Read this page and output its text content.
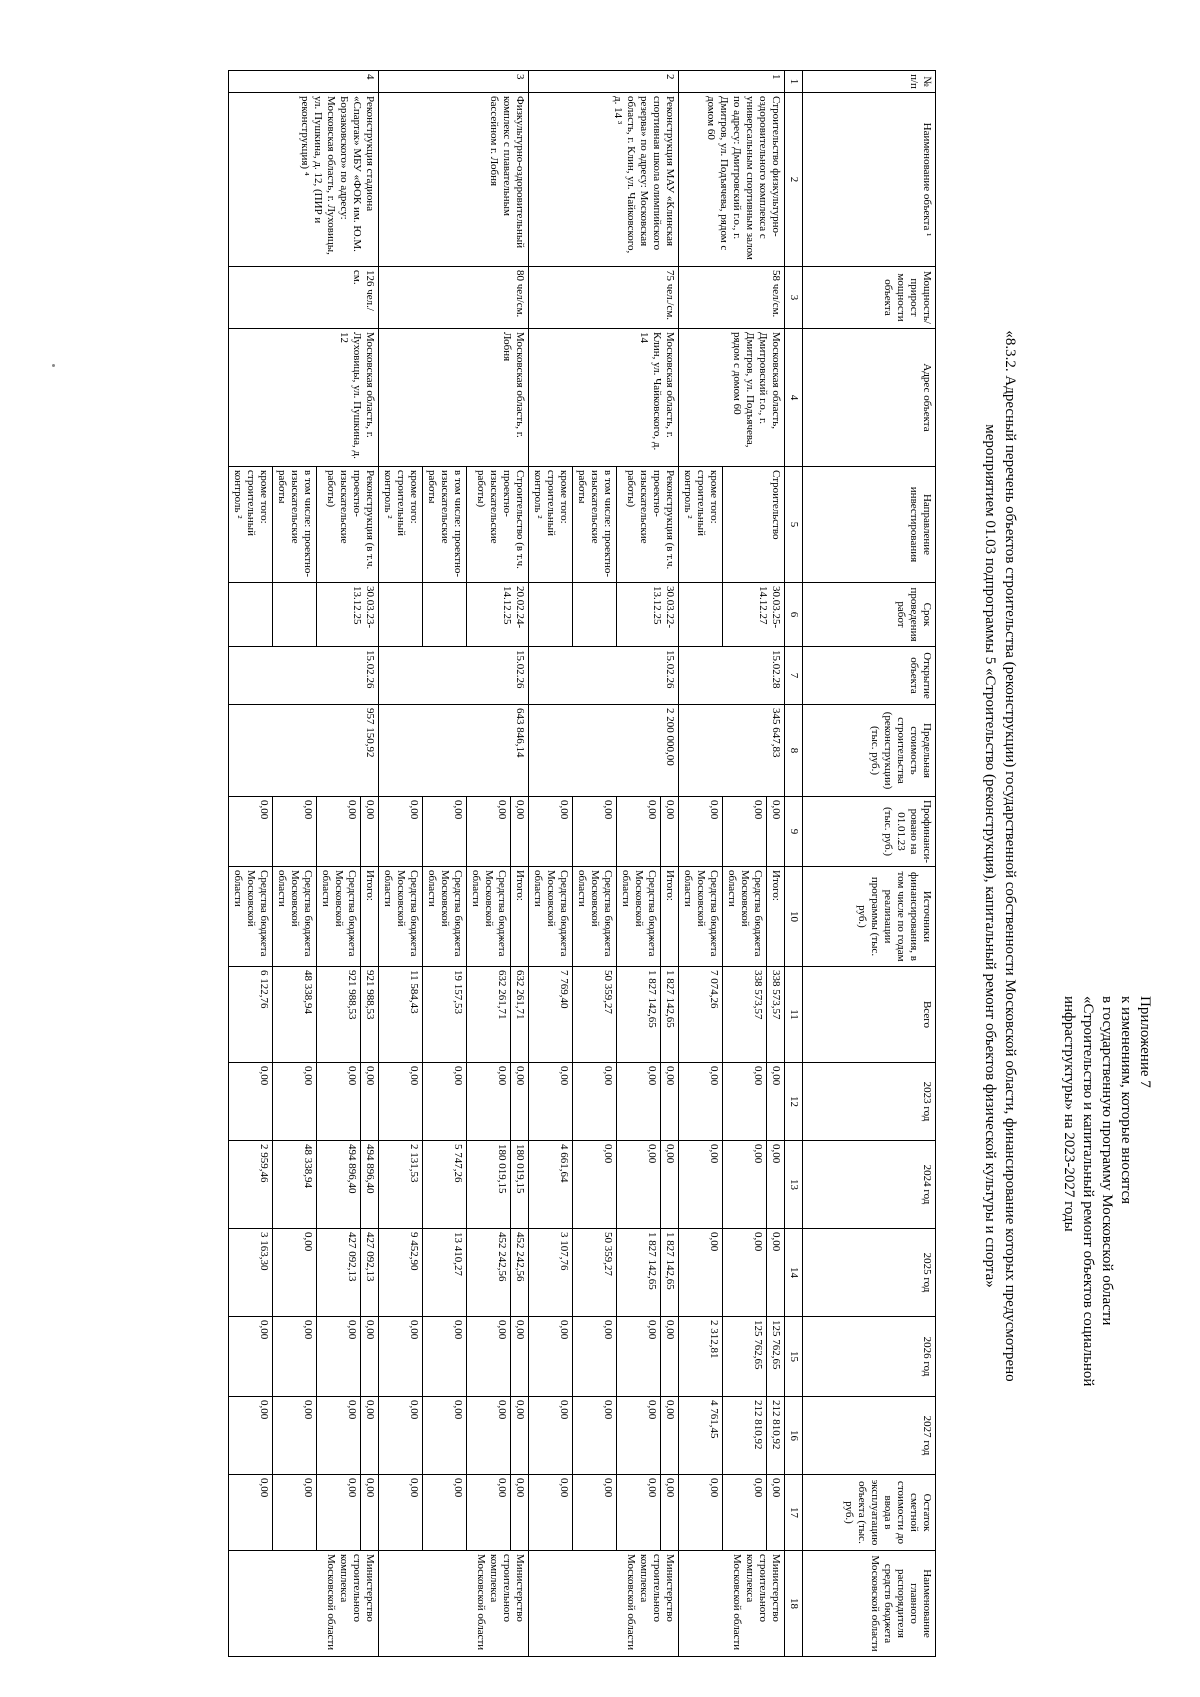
Приложение 7
к изменениям, которые вносятся
в государственную программу Московской области
«Строительство и капитальный ремонт объектов социальной
инфраструктуры» на 2023-2027 годы
«8.3.2. Адресный перечень объектов строительства (реконструкции) государственной собственности Московской области, финансирование которых предусмотрено
мероприятием 01.03 подпрограммы 5 «Строительство (реконструкция), капитальный ремонт объектов физической культуры и спорта»
№ п/п	Наименование объекта ¹	Мощность/ прирост мощности объекта	Адрес объекта	Направление инвестирования	Срок проведения работ	Открытие объекта	Предельная стоимость строительства (реконструкции) (тыс. руб.)	Профинанси-ровано на 01.01.23 (тыс. руб.)	Источники финансирования, в том числе по годам реализации программы (тыс. руб.)	Всего	2023 год	2024 год	2025 год	2026 год	2027 год	Остаток сметной стоимости до ввода в эксплуатацию объекта (тыс. руб.)	Наименование главного распорядителя средств бюджета Московской области
1	2	3	4	5	6	7	8	9	10	11	12	13	14	15	16	17	18
1	Строительство физкультурно-оздоровительного комплекса с универсальным спортивным залом по адресу: Дмитровский г.о., г. Дмитров, ул. Подъячева, рядом с домом 60	58 чел/см.	Московская область, Дмитровский г.о., г. Дмитров, ул. Подъячева, рядом с домом 60	Строительство	30.03.25-14.12.27	15.02.28	345 647,83	0,00	Итого:	338 573,57	0,00	0,00	0,00	125 762,65	212 810,92	0,00	Министерство строительного комплекса Московской области
								0,00	Средства бюджета Московской области	338 573,57	0,00	0,00	0,00	125 762,65	212 810,92	0,00	
				кроме того: строительный контроль ²				0,00	Средства бюджета Московской области	7 074,26	0,00	0,00	0,00	2 312,81	4 761,45	0,00	
2	Реконструкция МАУ «Клинская спортивная школа олимпийского резерва» по адресу: Московская область, г. Клин, ул. Чайковского, д. 14 ³	75 чел./см.	Московская область, г. Клин, ул. Чайковского, д. 14	Реконструкция (в т.ч. проектно-изыскательские работы)	30.03.22-13.12.25	15.02.26	2 200 000,00	0,00	Итого:	1 827 142,65	0,00	0,00	1 827 142,65	0,00	0,00	0,00	Министерство строительного комплекса Московской области
								0,00	Средства бюджета Московской области	1 827 142,65	0,00	0,00	1 827 142,65	0,00	0,00	0,00	
				в том числе: проектно-изыскательские работы				0,00	Средства бюджета Московской области	50 359,27	0,00	0,00	50 359,27	0,00	0,00	0,00	
				кроме того: строительный контроль ²				0,00	Средства бюджета Московской области	7 769,40	0,00	4 661,64	3 107,76	0,00	0,00	0,00	
3	Физкультурно-оздоровительный комплекс с плавательным бассейном г. Лобня	80 чел/см.	Московская область, г. Лобня	Строительство (в т.ч. проектно-изыскательские работы)	20.02.24-14.12.25	15.02.26	643 846,14	0,00	Итого:	632 261,71	0,00	180 019,15	452 242,56	0,00	0,00	0,00	Министерство строительного комплекса Московской области
								0,00	Средства бюджета Московской области	632 261,71	0,00	180 019,15	452 242,56	0,00	0,00	0,00	
				в том числе: проектно-изыскательские работы				0,00	Средства бюджета Московской области	19 157,53	0,00	5 747,26	13 410,27	0,00	0,00	0,00	
				кроме того: строительный контроль ²				0,00	Средства бюджета Московской области	11 584,43	0,00	2 131,53	9 452,90	0,00	0,00	0,00	
4	Реконструкция стадиона «Спартак» МБУ «ФОК им. Ю.М. Борзаковского» по адресу: Московская область, г. Луховицы, ул. Пушкина, д. 12, (ПИР и реконструкция) ⁴	126 чел./см.	Московская область, г. Луховицы, ул. Пушкина, д. 12	Реконструкция (в т.ч. проектно-изыскательские работы)	30.03.23-13.12.25	15.02.26	957 150,92	0,00	Итого:	921 988,53	0,00	494 896,40	427 092,13	0,00	0,00	0,00	Министерство строительного комплекса Московской области
								0,00	Средства бюджета Московской области	921 988,53	0,00	494 896,40	427 092,13	0,00	0,00	0,00	
				в том числе: проектно-изыскательские работы				0,00	Средства бюджета Московской области	48 338,94	0,00	48 338,94	0,00	0,00	0,00	0,00	
				кроме того: строительный контроль ²				0,00	Средства бюджета Московской области	6 122,76	0,00	2 959,46	3 163,30	0,00	0,00	0,00	
